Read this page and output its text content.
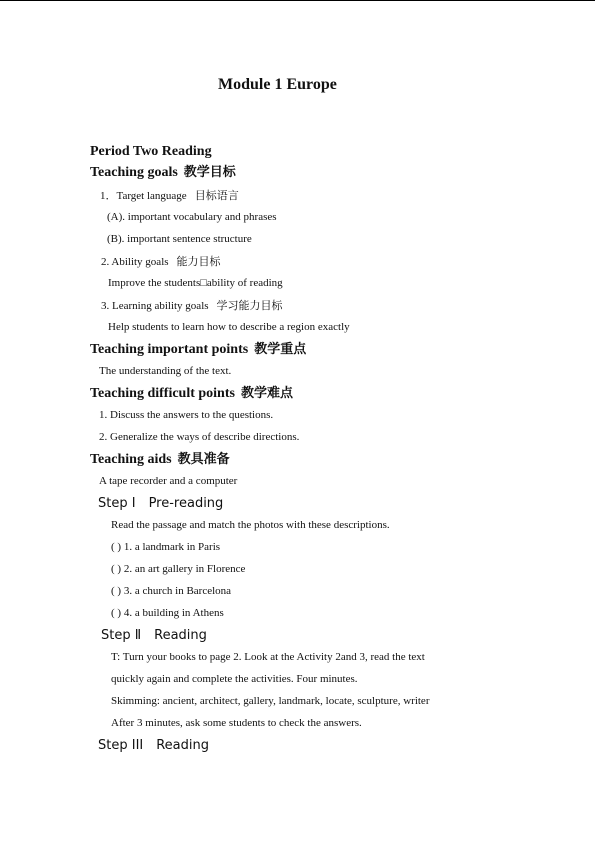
Module 1 Europe
Period Two Reading
Teaching goals 教学目标
1．Target language 目标语言
(A). important vocabulary and phrases
(B). important sentence structure
2. Ability goals 能力目标
Improve the students□ability of reading
3. Learning ability goals 学习能力目标
Help students to learn how to describe a region exactly
Teaching important points 教学重点
The understanding of the text.
Teaching difficult points 教学难点
1. Discuss the answers to the questions.
2. Generalize the ways of describe directions.
Teaching aids 教具准备
A tape recorder and a computer
Step I　Pre-reading
Read the passage and match the photos with these descriptions.
( ) 1. a landmark in Paris
( ) 2. an art gallery in Florence
( ) 3. a church in Barcelona
( ) 4. a building in Athens
Step Ⅱ　Reading
T: Turn your books to page 2. Look at the Activity 2and 3, read the text
quickly again and complete the activities. Four minutes.
Skimming: ancient, architect, gallery, landmark, locate, sculpture, writer
After 3 minutes, ask some students to check the answers.
Step III　Reading
